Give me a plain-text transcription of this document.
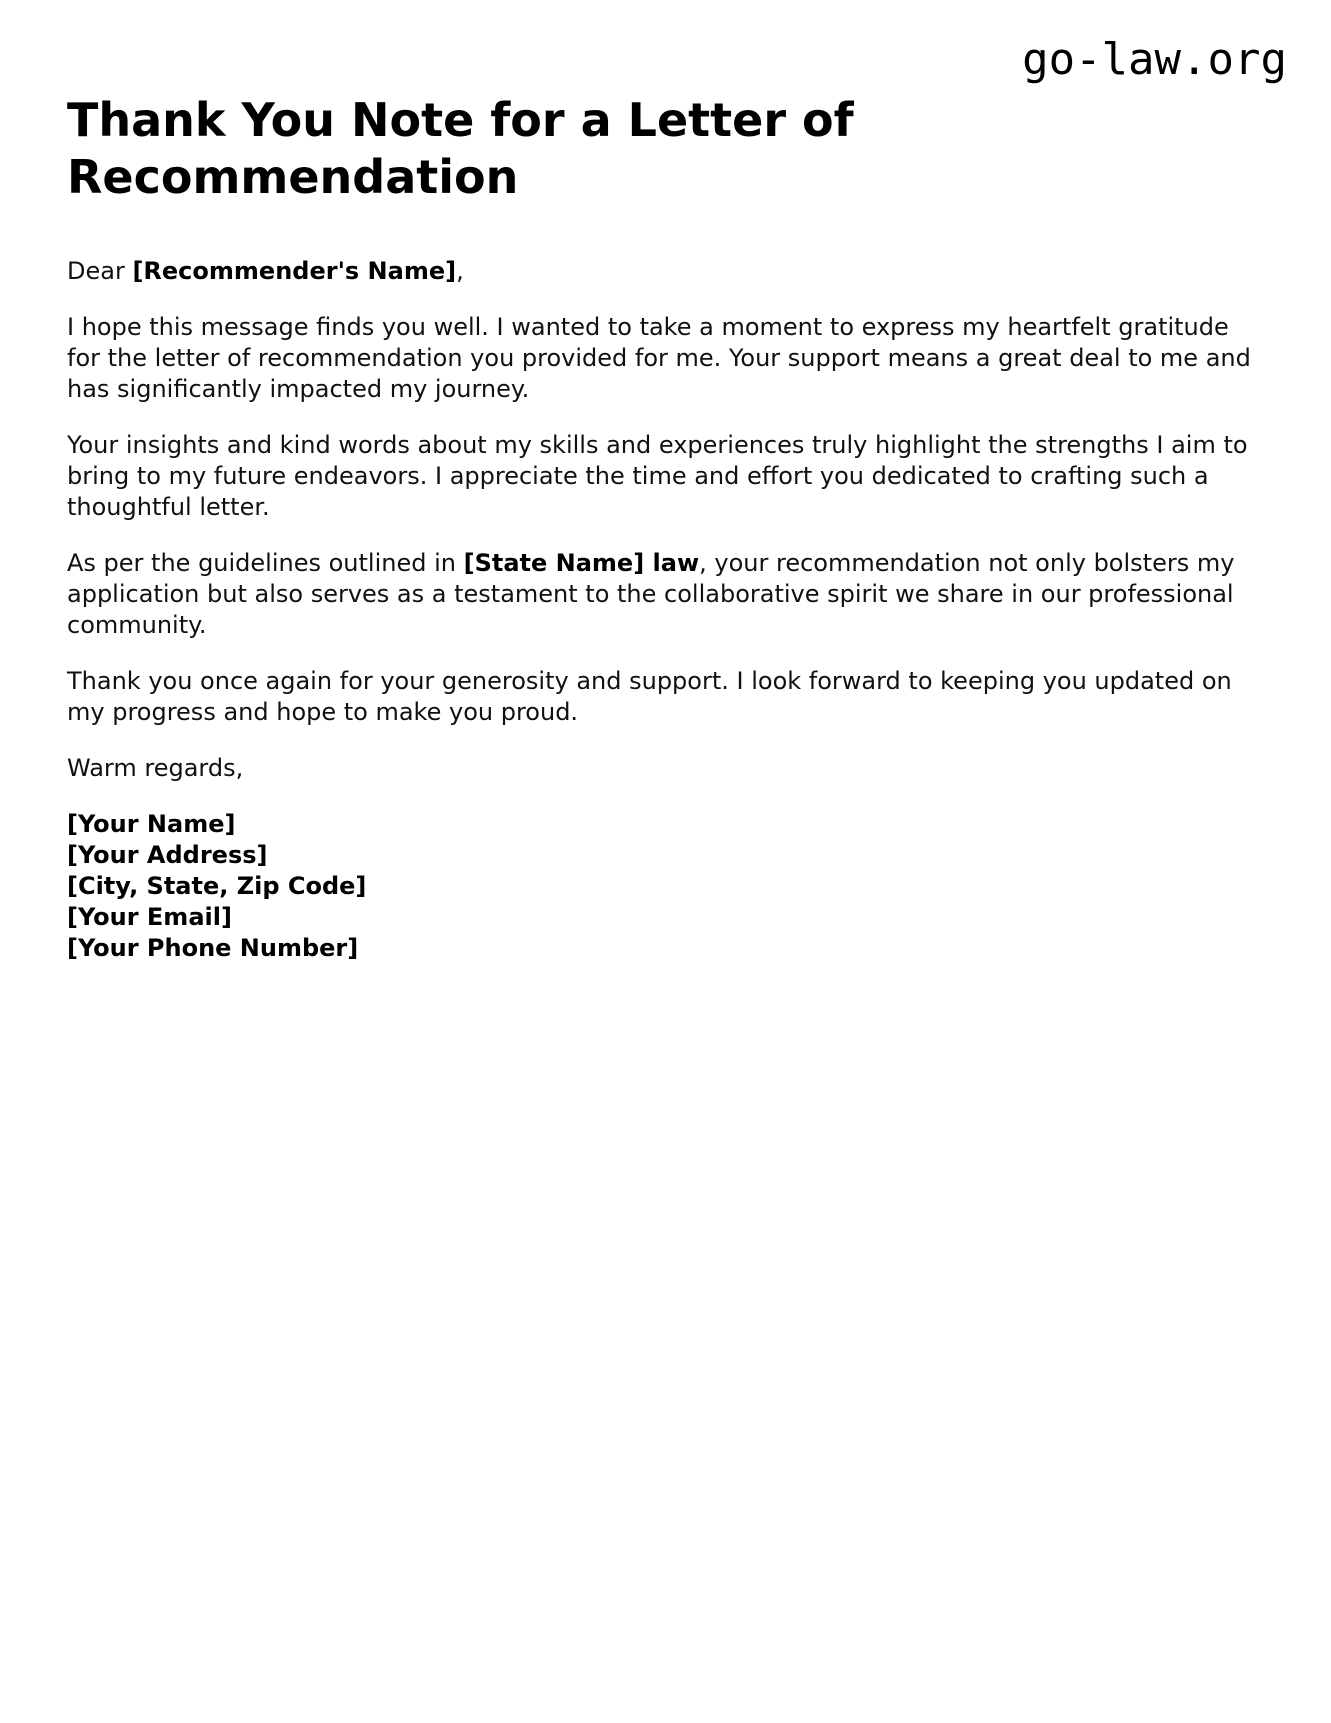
go-law.org
Thank You Note for a Letter of Recommendation

Dear [Recommender's Name],

I hope this message finds you well. I wanted to take a moment to express my heartfelt gratitude for the letter of recommendation you provided for me. Your support means a great deal to me and has significantly impacted my journey.

Your insights and kind words about my skills and experiences truly highlight the strengths I aim to bring to my future endeavors. I appreciate the time and effort you dedicated to crafting such a thoughtful letter.

As per the guidelines outlined in [State Name] law, your recommendation not only bolsters my application but also serves as a testament to the collaborative spirit we share in our professional community.

Thank you once again for your generosity and support. I look forward to keeping you updated on my progress and hope to make you proud.

Warm regards,

[Your Name]
[Your Address]
[City, State, Zip Code]
[Your Email]
[Your Phone Number]
